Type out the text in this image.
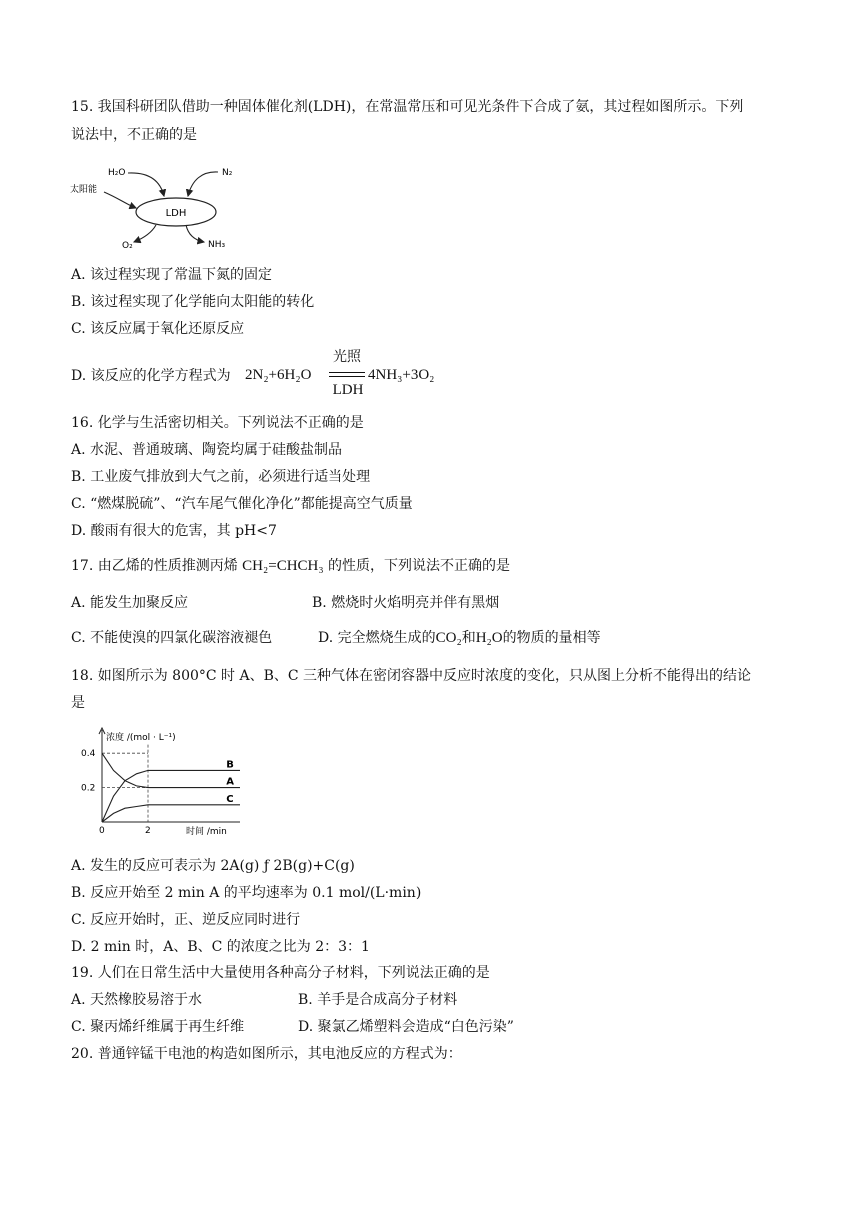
15. 我国科研团队借助一种固体催化剂(LDH)，在常温常压和可见光条件下合成了氨，其过程如图所示。下列
说法中，不正确的是
LDH
H₂O	N₂
太阳能
O₂	NH₃
A. 该过程实现了常温下氮的固定
B. 该过程实现了化学能向太阳能的转化
C. 该反应属于氧化还原反应
D. 该反应的化学方程式为 2N₂+6H₂O
光照
LDH
4NH₃+3O₂
16. 化学与生活密切相关。下列说法不正确的是
A. 水泥、普通玻璃、陶瓷均属于硅酸盐制品
B. 工业废气排放到大气之前，必须进行适当处理
C. “燃煤脱硫”、“汽车尾气催化净化”都能提高空气质量
D. 酸雨有很大的危害，其 pH<7
17. 由乙烯的性质推测丙烯 CH₂=CHCH₃ 的性质，下列说法不正确的是
A. 能发生加聚反应	B. 燃烧时火焰明亮并伴有黑烟
C. 不能使溴的四氯化碳溶液褪色	D. 完全燃烧生成的CO₂和H₂O的物质的量相等
18. 如图所示为 800°C 时 A、B、C 三种气体在密闭容器中反应时浓度的变化，只从图上分析不能得出的结论
是
浓度 /(mol · L⁻¹)
时间 /min
0.4
0.2
0	2
B
A
C
A. 发生的反应可表示为 2A(g) ƒ 2B(g)+C(g)
B. 反应开始至 2 min A 的平均速率为 0.1 mol/(L·min)
C. 反应开始时，正、逆反应同时进行
D. 2 min 时，A、B、C 的浓度之比为 2：3：1
19. 人们在日常生活中大量使用各种高分子材料，下列说法正确的是
A. 天然橡胶易溶于水	B. 羊手是合成高分子材料
C. 聚丙烯纤维属于再生纤维	D. 聚氯乙烯塑料会造成“白色污染”
20. 普通锌锰干电池的构造如图所示，其电池反应的方程式为：
